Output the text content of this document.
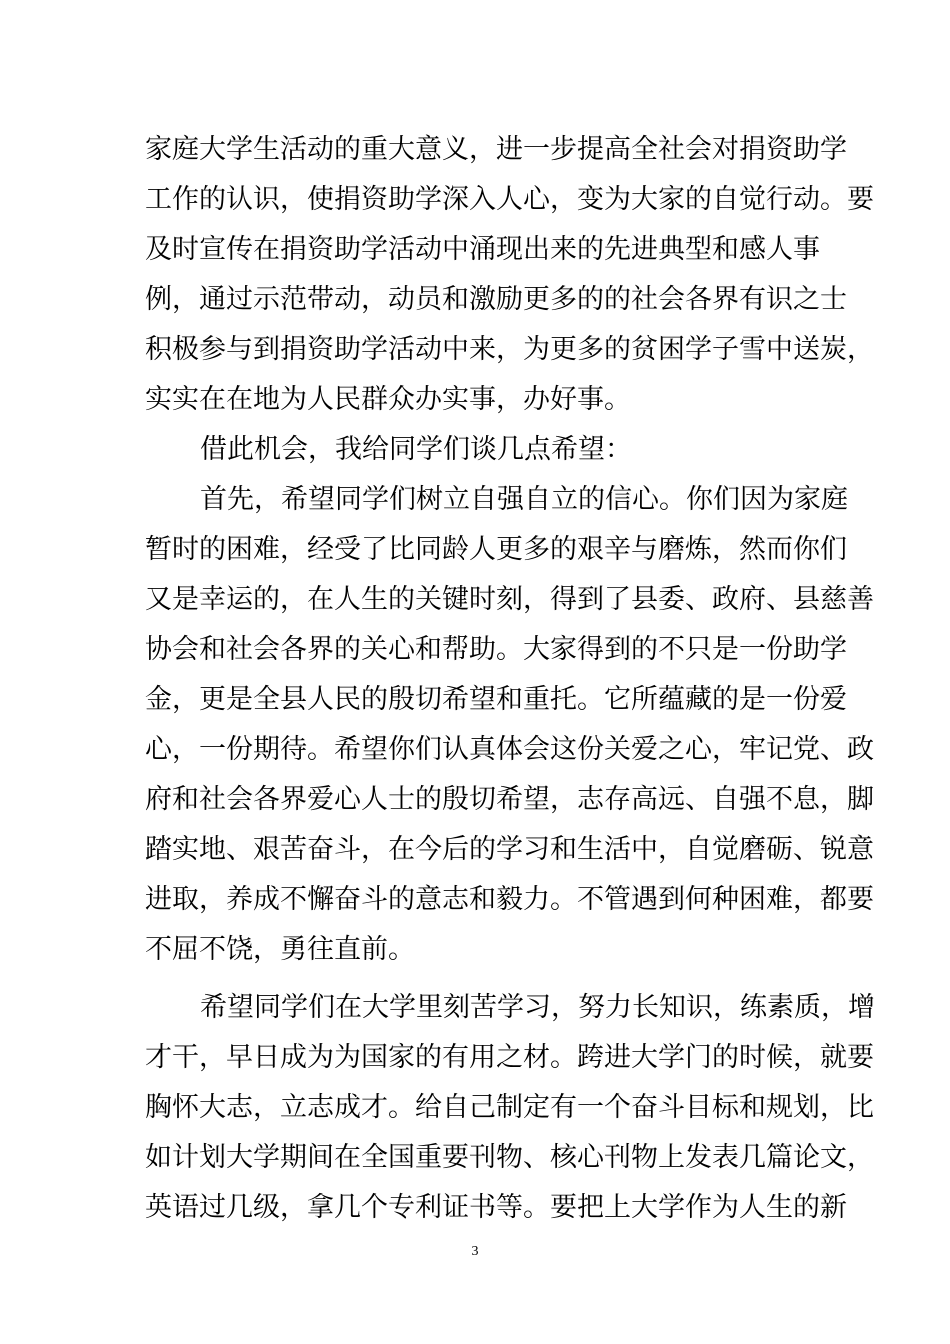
家庭大学生活动的重大意义，进一步提高全社会对捐资助学
工作的认识，使捐资助学深入人心，变为大家的自觉行动。要
及时宣传在捐资助学活动中涌现出来的先进典型和感人事
例，通过示范带动，动员和激励更多的的社会各界有识之士
积极参与到捐资助学活动中来，为更多的贫困学子雪中送炭，
实实在在地为人民群众办实事，办好事。
借此机会，我给同学们谈几点希望：
首先，希望同学们树立自强自立的信心。你们因为家庭
暂时的困难，经受了比同龄人更多的艰辛与磨炼，然而你们
又是幸运的，在人生的关键时刻，得到了县委、政府、县慈善
协会和社会各界的关心和帮助。大家得到的不只是一份助学
金，更是全县人民的殷切希望和重托。它所蕴藏的是一份爱
心，一份期待。希望你们认真体会这份关爱之心，牢记党、政
府和社会各界爱心人士的殷切希望，志存高远、自强不息，脚
踏实地、艰苦奋斗，在今后的学习和生活中，自觉磨砺、锐意
进取，养成不懈奋斗的意志和毅力。不管遇到何种困难，都要
不屈不饶，勇往直前。
希望同学们在大学里刻苦学习，努力长知识，练素质，增
才干，早日成为为国家的有用之材。跨进大学门的时候，就要
胸怀大志，立志成才。给自己制定有一个奋斗目标和规划，比
如计划大学期间在全国重要刊物、核心刊物上发表几篇论文，
英语过几级，拿几个专利证书等。要把上大学作为人生的新
3
